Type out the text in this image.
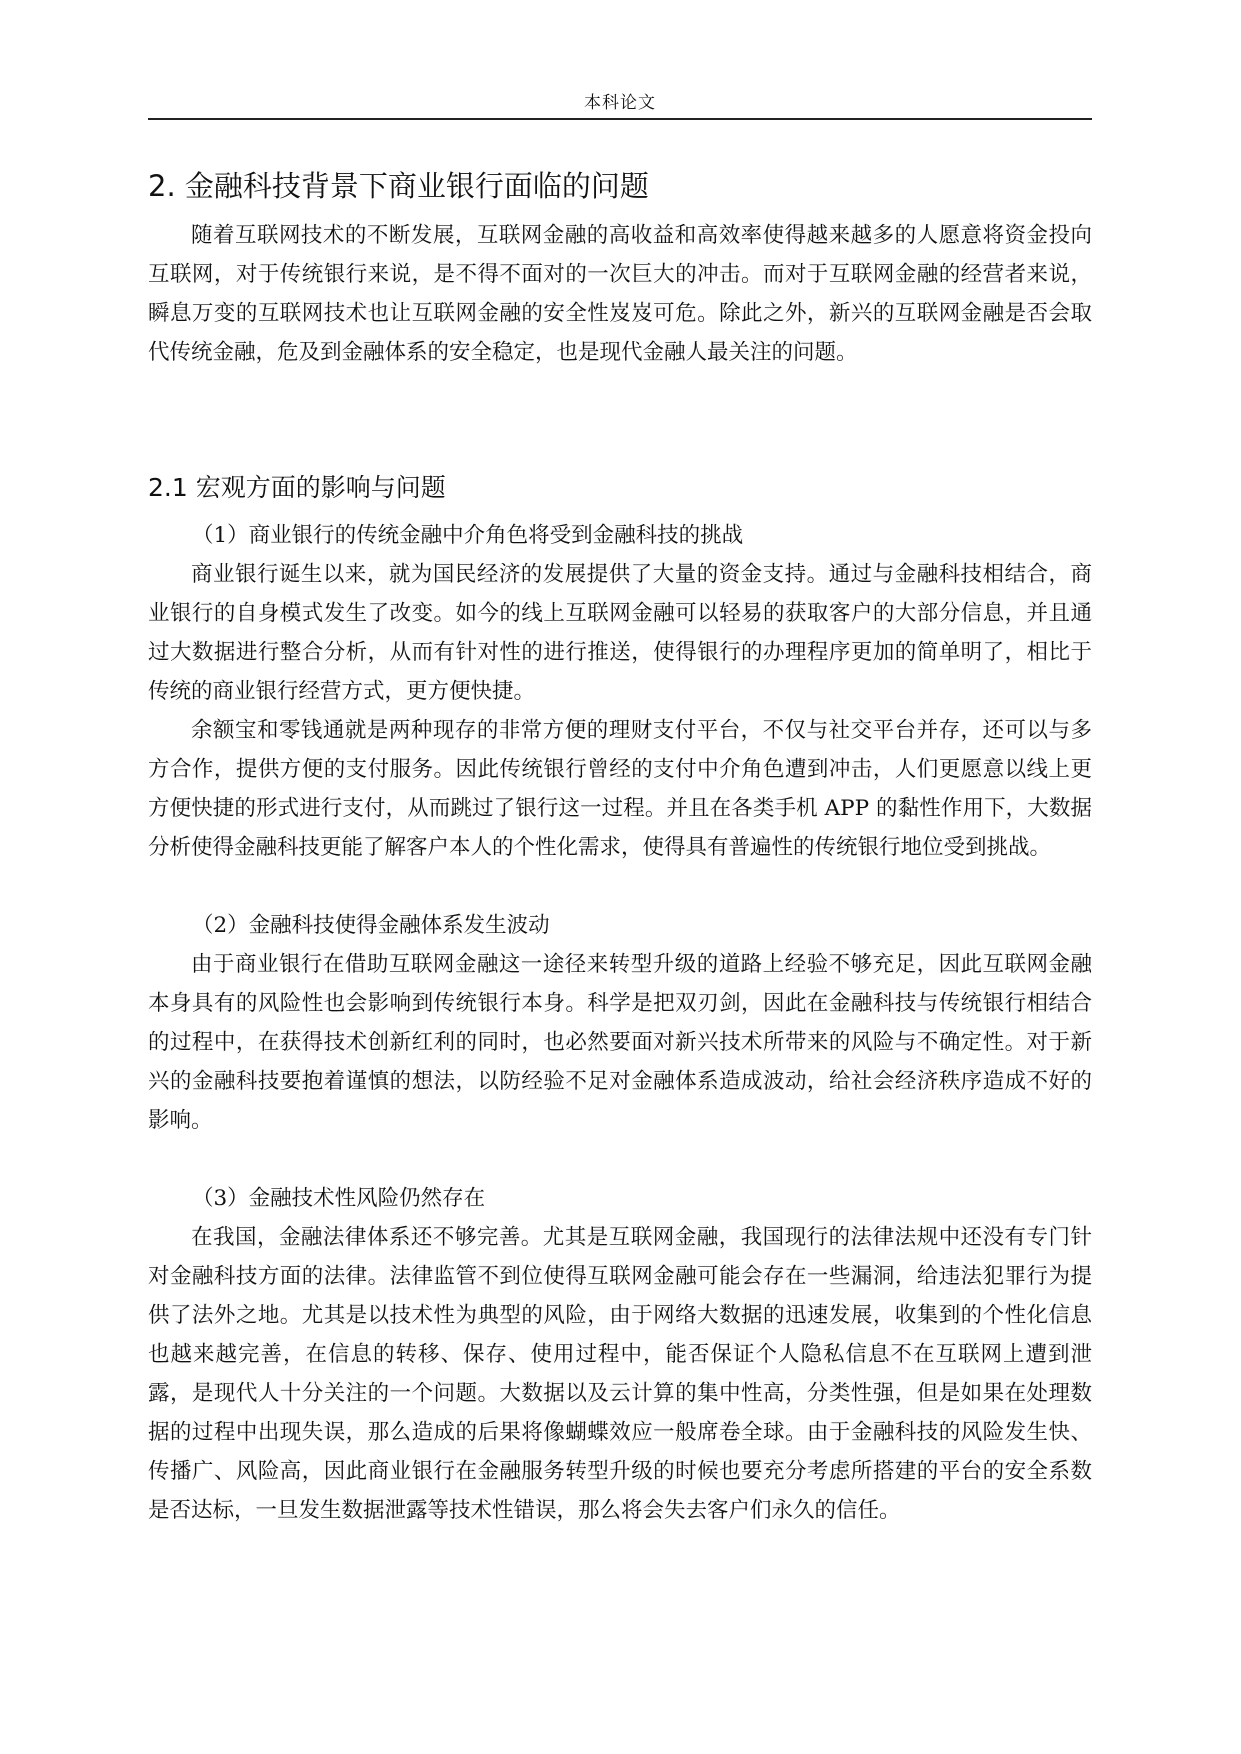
本科论文
2. 金融科技背景下商业银行面临的问题

随着互联网技术的不断发展，互联网金融的高收益和高效率使得越来越多的人愿意将资金投向互联网，对于传统银行来说，是不得不面对的一次巨大的冲击。而对于互联网金融的经营者来说，瞬息万变的互联网技术也让互联网金融的安全性岌岌可危。除此之外，新兴的互联网金融是否会取代传统金融，危及到金融体系的安全稳定，也是现代金融人最关注的问题。

2.1 宏观方面的影响与问题

（1）商业银行的传统金融中介角色将受到金融科技的挑战

商业银行诞生以来，就为国民经济的发展提供了大量的资金支持。通过与金融科技相结合，商业银行的自身模式发生了改变。如今的线上互联网金融可以轻易的获取客户的大部分信息，并且通过大数据进行整合分析，从而有针对性的进行推送，使得银行的办理程序更加的简单明了，相比于传统的商业银行经营方式，更方便快捷。

余额宝和零钱通就是两种现存的非常方便的理财支付平台，不仅与社交平台并存，还可以与多方合作，提供方便的支付服务。因此传统银行曾经的支付中介角色遭到冲击，人们更愿意以线上更方便快捷的形式进行支付，从而跳过了银行这一过程。并且在各类手机 APP 的黏性作用下，大数据分析使得金融科技更能了解客户本人的个性化需求，使得具有普遍性的传统银行地位受到挑战。

（2）金融科技使得金融体系发生波动

由于商业银行在借助互联网金融这一途径来转型升级的道路上经验不够充足，因此互联网金融本身具有的风险性也会影响到传统银行本身。科学是把双刃剑，因此在金融科技与传统银行相结合的过程中，在获得技术创新红利的同时，也必然要面对新兴技术所带来的风险与不确定性。对于新兴的金融科技要抱着谨慎的想法，以防经验不足对金融体系造成波动，给社会经济秩序造成不好的影响。

（3）金融技术性风险仍然存在

在我国，金融法律体系还不够完善。尤其是互联网金融，我国现行的法律法规中还没有专门针对金融科技方面的法律。法律监管不到位使得互联网金融可能会存在一些漏洞，给违法犯罪行为提供了法外之地。尤其是以技术性为典型的风险，由于网络大数据的迅速发展，收集到的个性化信息也越来越完善，在信息的转移、保存、使用过程中，能否保证个人隐私信息不在互联网上遭到泄露，是现代人十分关注的一个问题。大数据以及云计算的集中性高，分类性强，但是如果在处理数据的过程中出现失误，那么造成的后果将像蝴蝶效应一般席卷全球。由于金融科技的风险发生快、传播广、风险高，因此商业银行在金融服务转型升级的时候也要充分考虑所搭建的平台的安全系数是否达标，一旦发生数据泄露等技术性错误，那么将会失去客户们永久的信任。
